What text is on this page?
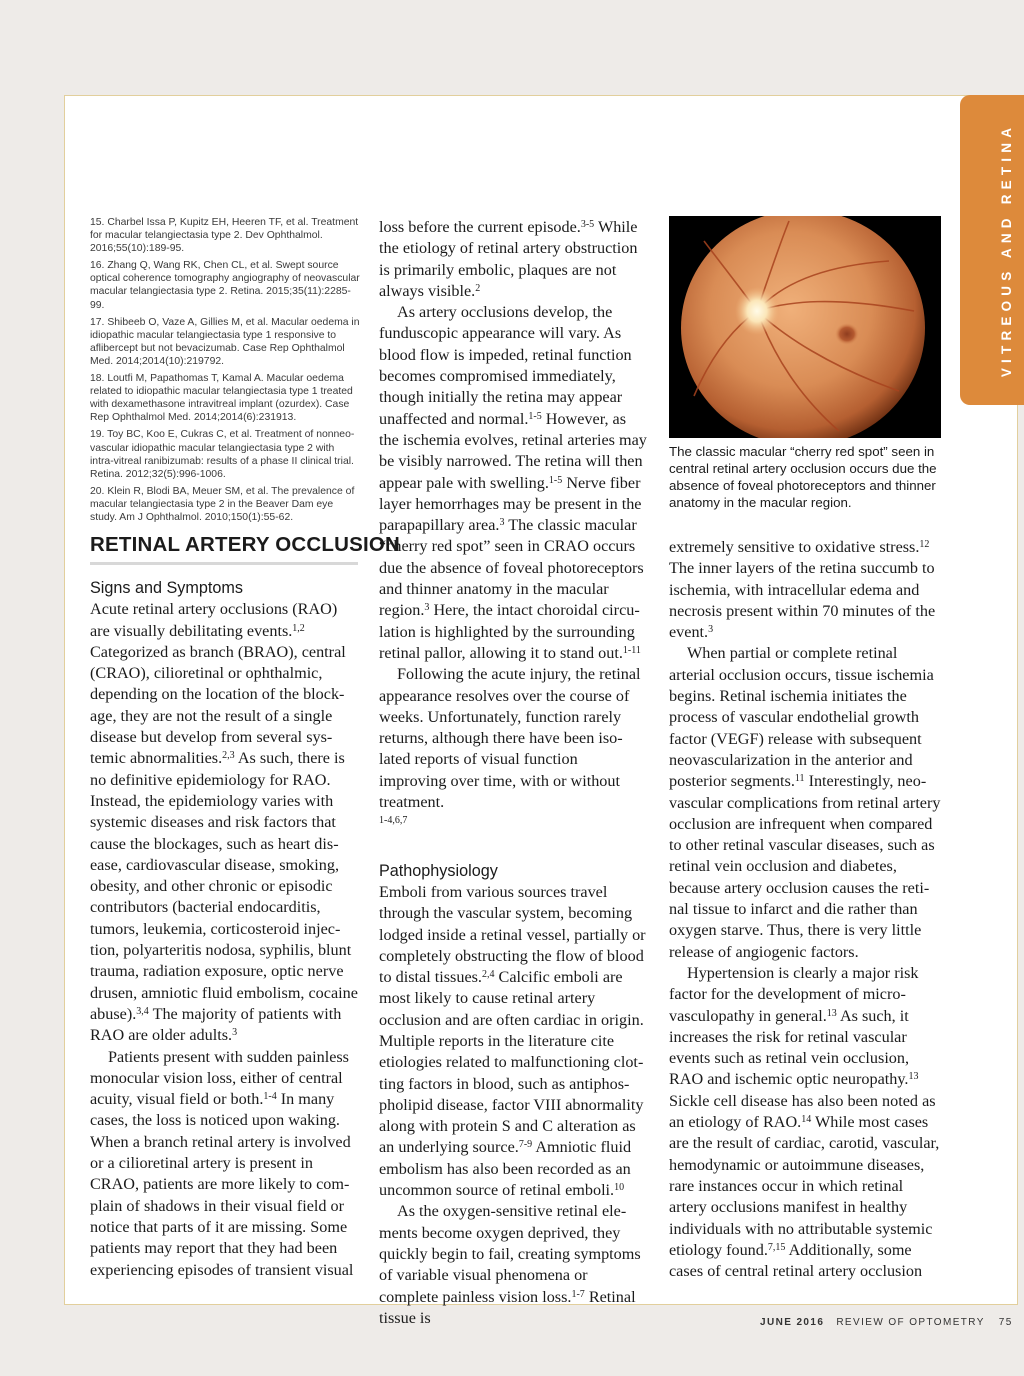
VITREOUS AND RETINA
15. Charbel Issa P, Kupitz EH, Heeren TF, et al. Treatment for macular telangiectasia type 2. Dev Ophthalmol. 2016;55(10):189-95.
16. Zhang Q, Wang RK, Chen CL, et al. Swept source optical coherence tomography angiography of neovascular macular telangiectasia type 2. Retina. 2015;35(11):2285-99.
17. Shibeeb O, Vaze A, Gillies M, et al. Macular oedema in idiopathic macular telangiectasia type 1 responsive to aflibercept but not bevacizumab. Case Rep Ophthalmol Med. 2014;2014(10):219792.
18. Loutfi M, Papathomas T, Kamal A. Macular oedema related to idiopathic macular telangiectasia type 1 treated with dexamethasone intravitreal implant (ozurdex). Case Rep Ophthalmol Med. 2014;2014(6):231913.
19. Toy BC, Koo E, Cukras C, et al. Treatment of nonneo-vascular idiopathic macular telangiectasia type 2 with intra-vitreal ranibizumab: results of a phase II clinical trial. Retina. 2012;32(5):996-1006.
20. Klein R, Blodi BA, Meuer SM, et al. The prevalence of macular telangiectasia type 2 in the Beaver Dam eye study. Am J Ophthalmol. 2010;150(1):55-62.
RETINAL ARTERY OCCLUSION

Signs and Symptoms

Acute retinal artery occlusions (RAO) are visually debilitating events.$^{1,2}$ Categorized as branch (BRAO), central (CRAO), cilioretinal or ophthalmic, depending on the location of the blockage, they are not the result of a single disease but develop from several systemic abnormalities.$^{2,3}$ As such, there is no definitive epidemiology for RAO. Instead, the epidemiology varies with systemic diseases and risk factors that cause the blockages, such as heart disease, cardiovascular disease, smoking, obesity, and other chronic or episodic contributors (bacterial endocarditis, tumors, leukemia, corticosteroid injection, polyarteritis nodosa, syphilis, blunt trauma, radiation exposure, optic nerve drusen, amniotic fluid embolism, cocaine abuse).$^{3,4}$ The majority of patients with RAO are older adults.$^3$

Patients present with sudden painless monocular vision loss, either of central acuity, visual field or both.$^{1-4}$ In many cases, the loss is noticed upon waking. When a branch retinal artery is involved or a cilioretinal artery is present in CRAO, patients are more likely to complain of shadows in their visual field or notice that parts of it are missing. Some patients may report that they had been experiencing episodes of transient visual

loss before the current episode.$^{3-5}$ While the etiology of retinal artery obstruction is primarily embolic, plaques are not always visible.$^2$

As artery occlusions develop, the funduscopic appearance will vary. As blood flow is impeded, retinal function becomes compromised immediately, though initially the retina may appear unaffected and normal.$^{1-5}$ However, as the ischemia evolves, retinal arteries may be visibly narrowed. The retina will then appear pale with swelling.$^{1-5}$ Nerve fiber layer hemorrhages may be present in the parapapillary area.$^3$ The classic macular “cherry red spot” seen in CRAO occurs due the absence of foveal photoreceptors and thinner anatomy in the macular region.$^3$ Here, the intact choroidal circulation is highlighted by the surrounding retinal pallor, allowing it to stand out.$^{1-11}$

Following the acute injury, the retinal appearance resolves over the course of weeks. Unfortunately, function rarely returns, although there have been isolated reports of visual function improving over time, with or without treatment.
$^{1-4,6,7}$

Pathophysiology

Emboli from various sources travel through the vascular system, becoming lodged inside a retinal vessel, partially or completely obstructing the flow of blood to distal tissues.$^{2,4}$ Calcific emboli are most likely to cause retinal artery occlusion and are often cardiac in origin. Multiple reports in the literature cite etiologies related to malfunctioning clotting factors in blood, such as antiphospholipid disease, factor VIII abnormality along with protein S and C alteration as an underlying source.$^{7-9}$ Amniotic fluid embolism has also been recorded as an uncommon source of retinal emboli.$^{10}$

As the oxygen-sensitive retinal elements become oxygen deprived, they quickly begin to fail, creating symptoms of variable visual phenomena or complete painless vision loss.$^{1-7}$ Retinal tissue is

The classic macular “cherry red spot” seen in central retinal artery occlusion occurs due the absence of foveal photoreceptors and thinner anatomy in the macular region.

extremely sensitive to oxidative stress.$^{12}$ The inner layers of the retina succumb to ischemia, with intracellular edema and necrosis present within 70 minutes of the event.$^3$

When partial or complete retinal arterial occlusion occurs, tissue ischemia begins. Retinal ischemia initiates the process of vascular endothelial growth factor (VEGF) release with subsequent neovascularization in the anterior and posterior segments.$^{11}$ Interestingly, neovascular complications from retinal artery occlusion are infrequent when compared to other retinal vascular diseases, such as retinal vein occlusion and diabetes, because artery occlusion causes the retinal tissue to infarct and die rather than oxygen starve. Thus, there is very little release of angiogenic factors.

Hypertension is clearly a major risk factor for the development of microvasculopathy in general.$^{13}$ As such, it increases the risk for retinal vascular events such as retinal vein occlusion, RAO and ischemic optic neuropathy.$^{13}$ Sickle cell disease has also been noted as an etiology of RAO.$^{14}$ While most cases are the result of cardiac, carotid, vascular, hemodynamic or autoimmune diseases, rare instances occur in which retinal artery occlusions manifest in healthy individuals with no attributable systemic etiology found.$^{7,15}$ Additionally, some cases of central retinal artery occlusion

JUNE 2016 REVIEW OF OPTOMETRY 75
